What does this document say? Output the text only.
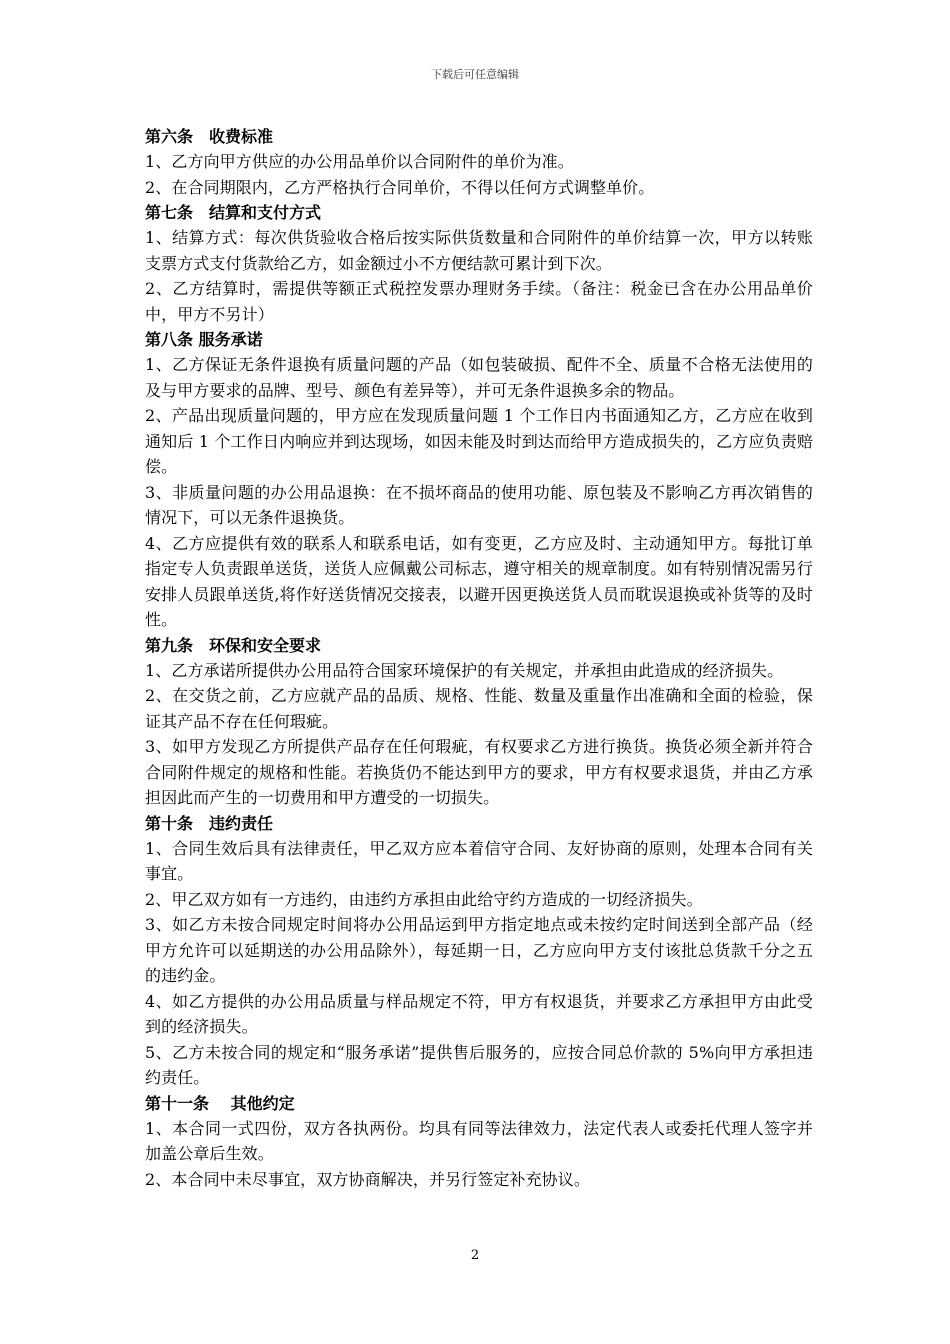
下载后可任意编辑

第六条　收费标准

1、乙方向甲方供应的办公用品单价以合同附件的单价为准。

2、在合同期限内，乙方严格执行合同单价，不得以任何方式调整单价。

第七条　结算和支付方式

1、结算方式：每次供货验收合格后按实际供货数量和合同附件的单价结算一次，甲方以转账支票方式支付货款给乙方，如金额过小不方便结款可累计到下次。

2、乙方结算时，需提供等额正式税控发票办理财务手续。（备注：税金已含在办公用品单价中，甲方不另计）

第八条 服务承诺

1、乙方保证无条件退换有质量问题的产品（如包装破损、配件不全、质量不合格无法使用的及与甲方要求的品牌、型号、颜色有差异等），并可无条件退换多余的物品。

2、产品出现质量问题的，甲方应在发现质量问题 1 个工作日内书面通知乙方，乙方应在收到通知后 1 个工作日内响应并到达现场，如因未能及时到达而给甲方造成损失的，乙方应负责赔偿。

3、非质量问题的办公用品退换：在不损坏商品的使用功能、原包装及不影响乙方再次销售的情况下，可以无条件退换货。

4、乙方应提供有效的联系人和联系电话，如有变更，乙方应及时、主动通知甲方。每批订单指定专人负责跟单送货，送货人应佩戴公司标志，遵守相关的规章制度。如有特别情况需另行安排人员跟单送货,将作好送货情况交接表，以避开因更换送货人员而耽误退换或补货等的及时性。

第九条　环保和安全要求

1、乙方承诺所提供办公用品符合国家环境保护的有关规定，并承担由此造成的经济损失。

2、在交货之前，乙方应就产品的品质、规格、性能、数量及重量作出准确和全面的检验，保证其产品不存在任何瑕疵。

3、如甲方发现乙方所提供产品存在任何瑕疵，有权要求乙方进行换货。换货必须全新并符合合同附件规定的规格和性能。若换货仍不能达到甲方的要求，甲方有权要求退货，并由乙方承担因此而产生的一切费用和甲方遭受的一切损失。

第十条　违约责任

1、合同生效后具有法律责任，甲乙双方应本着信守合同、友好协商的原则，处理本合同有关事宜。

2、甲乙双方如有一方违约，由违约方承担由此给守约方造成的一切经济损失。

3、如乙方未按合同规定时间将办公用品运到甲方指定地点或未按约定时间送到全部产品（经甲方允许可以延期送的办公用品除外），每延期一日，乙方应向甲方支付该批总货款千分之五的违约金。

4、如乙方提供的办公用品质量与样品规定不符，甲方有权退货，并要求乙方承担甲方由此受到的经济损失。

5、乙方未按合同的规定和“服务承诺”提供售后服务的，应按合同总价款的 5%向甲方承担违约责任。

第十一条　 其他约定

1、本合同一式四份，双方各执两份。均具有同等法律效力，法定代表人或委托代理人签字并加盖公章后生效。

2、本合同中未尽事宜，双方协商解决，并另行签定补充协议。

2
